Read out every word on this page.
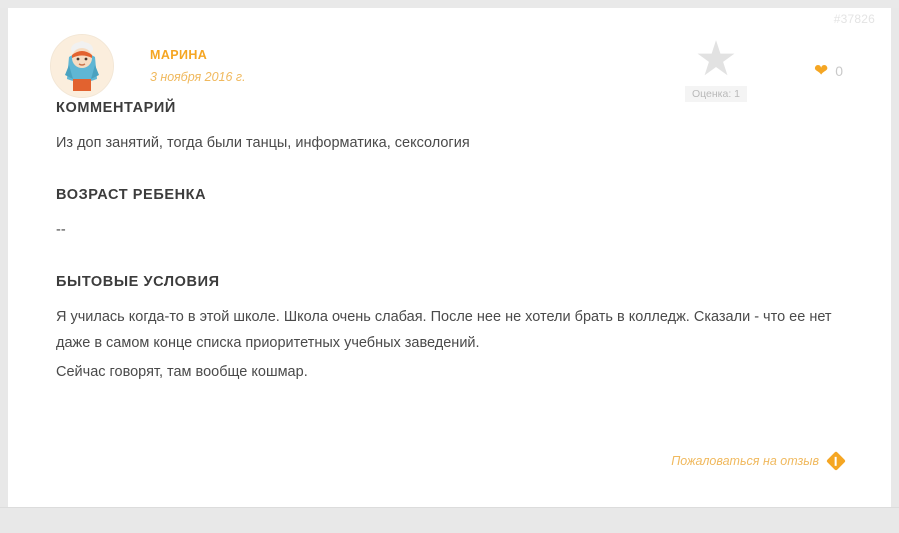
#37826
МАРИНА
3 ноября 2016 г.	★
Оценка: 1
❤ 0
КОММЕНТАРИЙ

Из доп занятий, тогда были танцы, информатика, сексология

ВОЗРАСТ РЕБЕНКА

--

БЫТОВЫЕ УСЛОВИЯ

Я училась когда-то в этой школе. Школа очень слабая. После нее не хотели брать в колледж. Сказали - что ее нет даже в самом конце списка приоритетных учебных заведений.

Сейчас говорят, там вообще кошмар.

Пожаловаться на отзыв
